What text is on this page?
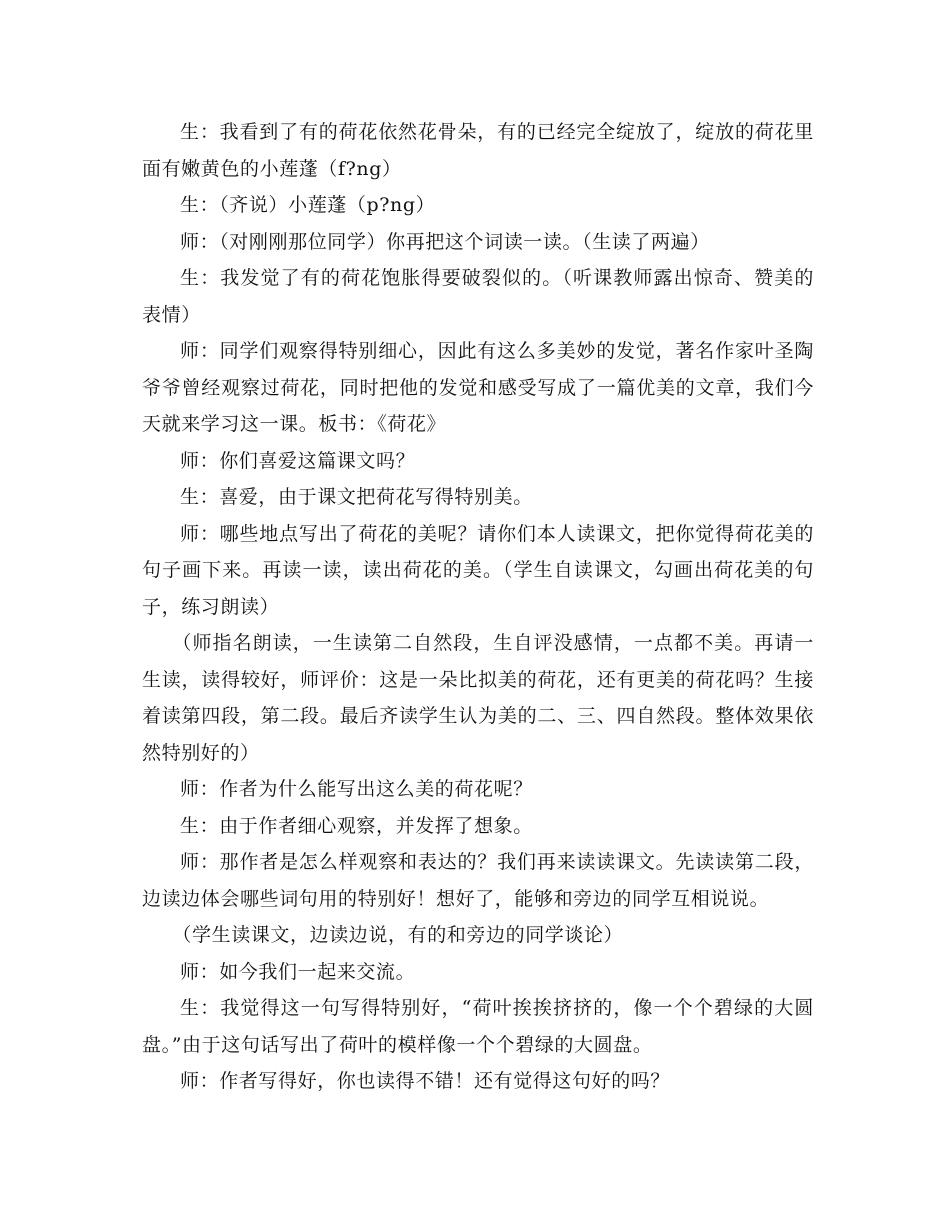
生：我看到了有的荷花依然花骨朵，有的已经完全绽放了，绽放的荷花里面有嫩黄色的小莲蓬（f?ng）

生：（齐说）小莲蓬（p?ng）

师：（对刚刚那位同学）你再把这个词读一读。（生读了两遍）

生：我发觉了有的荷花饱胀得要破裂似的。（听课教师露出惊奇、赞美的表情）

师：同学们观察得特别细心，因此有这么多美妙的发觉，著名作家叶圣陶爷爷曾经观察过荷花，同时把他的发觉和感受写成了一篇优美的文章，我们今天就来学习这一课。板书：《荷花》

师：你们喜爱这篇课文吗？

生：喜爱，由于课文把荷花写得特别美。

师：哪些地点写出了荷花的美呢？请你们本人读课文，把你觉得荷花美的句子画下来。再读一读，读出荷花的美。（学生自读课文，勾画出荷花美的句子，练习朗读）

（师指名朗读，一生读第二自然段，生自评没感情，一点都不美。再请一生读，读得较好，师评价：这是一朵比拟美的荷花，还有更美的荷花吗？生接着读第四段，第二段。最后齐读学生认为美的二、三、四自然段。整体效果依然特别好的）

师：作者为什么能写出这么美的荷花呢？

生：由于作者细心观察，并发挥了想象。

师：那作者是怎么样观察和表达的？我们再来读读课文。先读读第二段，边读边体会哪些词句用的特别好！想好了，能够和旁边的同学互相说说。

（学生读课文，边读边说，有的和旁边的同学谈论）

师：如今我们一起来交流。

生：我觉得这一句写得特别好，“荷叶挨挨挤挤的，像一个个碧绿的大圆盘。”由于这句话写出了荷叶的模样像一个个碧绿的大圆盘。

师：作者写得好，你也读得不错！还有觉得这句好的吗？
